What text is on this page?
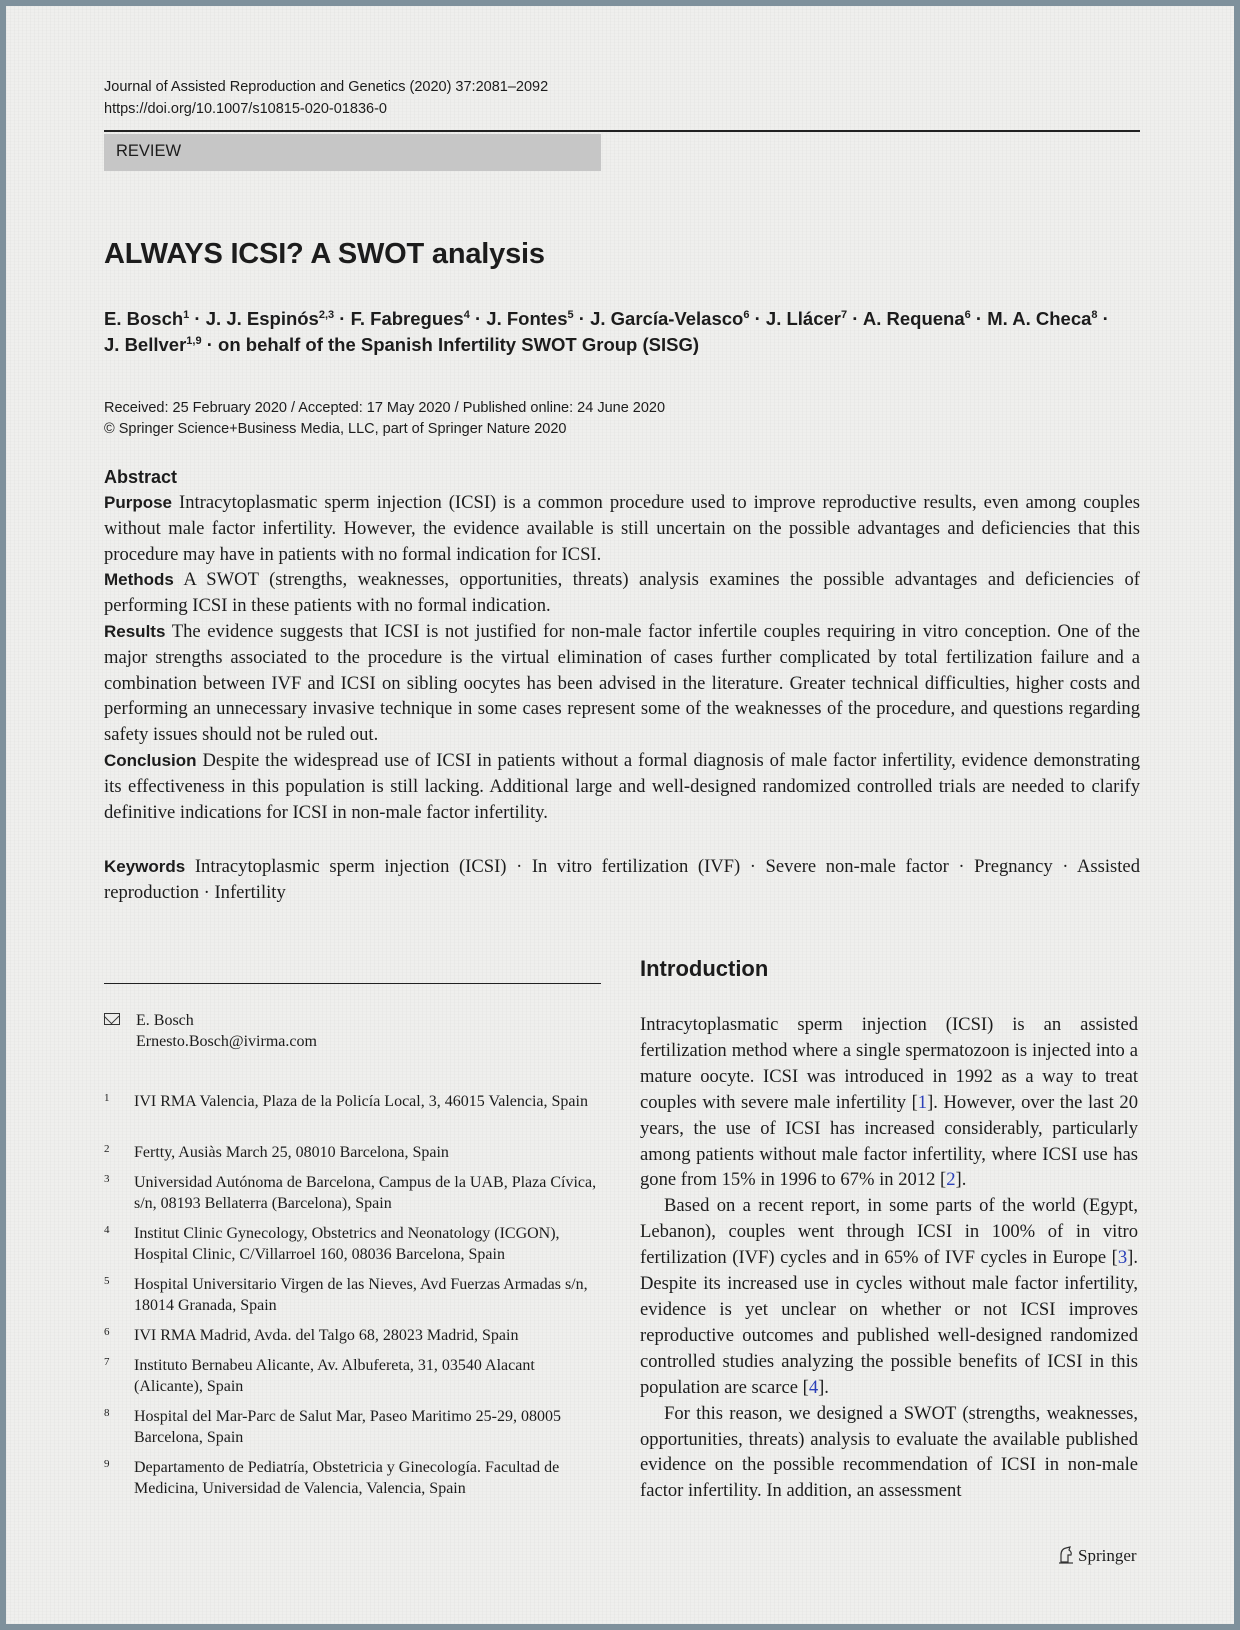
Journal of Assisted Reproduction and Genetics (2020) 37:2081–2092
https://doi.org/10.1007/s10815-020-01836-0
REVIEW
ALWAYS ICSI? A SWOT analysis
E. Bosch$^1$ · J. J. Espinós$^{2,3}$ · F. Fabregues$^4$ · J. Fontes$^5$ · J. García-Velasco$^6$ · J. Llácer$^7$ · A. Requena$^6$ · M. A. Checa$^8$ ·
J. Bellver$^{1,9}$ · on behalf of the Spanish Infertility SWOT Group (SISG)
Received: 25 February 2020 / Accepted: 17 May 2020 / Published online: 24 June 2020
© Springer Science+Business Media, LLC, part of Springer Nature 2020
Abstract

Purpose Intracytoplasmatic sperm injection (ICSI) is a common procedure used to improve reproductive results, even among couples without male factor infertility. However, the evidence available is still uncertain on the possible advantages and deficiencies that this procedure may have in patients with no formal indication for ICSI.

Methods A SWOT (strengths, weaknesses, opportunities, threats) analysis examines the possible advantages and deficiencies of performing ICSI in these patients with no formal indication.

Results The evidence suggests that ICSI is not justified for non-male factor infertile couples requiring in vitro conception. One of the major strengths associated to the procedure is the virtual elimination of cases further complicated by total fertilization failure and a combination between IVF and ICSI on sibling oocytes has been advised in the literature. Greater technical difficulties, higher costs and performing an unnecessary invasive technique in some cases represent some of the weaknesses of the procedure, and questions regarding safety issues should not be ruled out.

Conclusion Despite the widespread use of ICSI in patients without a formal diagnosis of male factor infertility, evidence demonstrating its effectiveness in this population is still lacking. Additional large and well-designed randomized controlled trials are needed to clarify definitive indications for ICSI in non-male factor infertility.

Keywords Intracytoplasmic sperm injection (ICSI) · In vitro fertilization (IVF) · Severe non-male factor · Pregnancy · Assisted reproduction · Infertility
E. Bosch
Ernesto.Bosch@ivirma.com
1 IVI RMA Valencia, Plaza de la Policía Local, 3, 46015 Valencia, Spain
2 Fertty, Ausiàs March 25, 08010 Barcelona, Spain
3 Universidad Autónoma de Barcelona, Campus de la UAB, Plaza Cívica, s/n, 08193 Bellaterra (Barcelona), Spain
4 Institut Clinic Gynecology, Obstetrics and Neonatology (ICGON), Hospital Clinic, C/Villarroel 160, 08036 Barcelona, Spain
5 Hospital Universitario Virgen de las Nieves, Avd Fuerzas Armadas s/n, 18014 Granada, Spain
6 IVI RMA Madrid, Avda. del Talgo 68, 28023 Madrid, Spain
7 Instituto Bernabeu Alicante, Av. Albufereta, 31, 03540 Alacant (Alicante), Spain
8 Hospital del Mar-Parc de Salut Mar, Paseo Maritimo 25-29, 08005 Barcelona, Spain
9 Departamento de Pediatría, Obstetricia y Ginecología. Facultad de Medicina, Universidad de Valencia, Valencia, Spain
Introduction

Intracytoplasmatic sperm injection (ICSI) is an assisted fertilization method where a single spermatozoon is injected into a mature oocyte. ICSI was introduced in 1992 as a way to treat couples with severe male infertility [1]. However, over the last 20 years, the use of ICSI has increased considerably, particularly among patients without male factor infertility, where ICSI use has gone from 15% in 1996 to 67% in 2012 [2].

Based on a recent report, in some parts of the world (Egypt, Lebanon), couples went through ICSI in 100% of in vitro fertilization (IVF) cycles and in 65% of IVF cycles in Europe [3]. Despite its increased use in cycles without male factor infertility, evidence is yet unclear on whether or not ICSI improves reproductive outcomes and published well-designed randomized controlled studies analyzing the possible benefits of ICSI in this population are scarce [4].

For this reason, we designed a SWOT (strengths, weaknesses, opportunities, threats) analysis to evaluate the available published evidence on the possible recommendation of ICSI in non-male factor infertility. In addition, an assessment

Springer
